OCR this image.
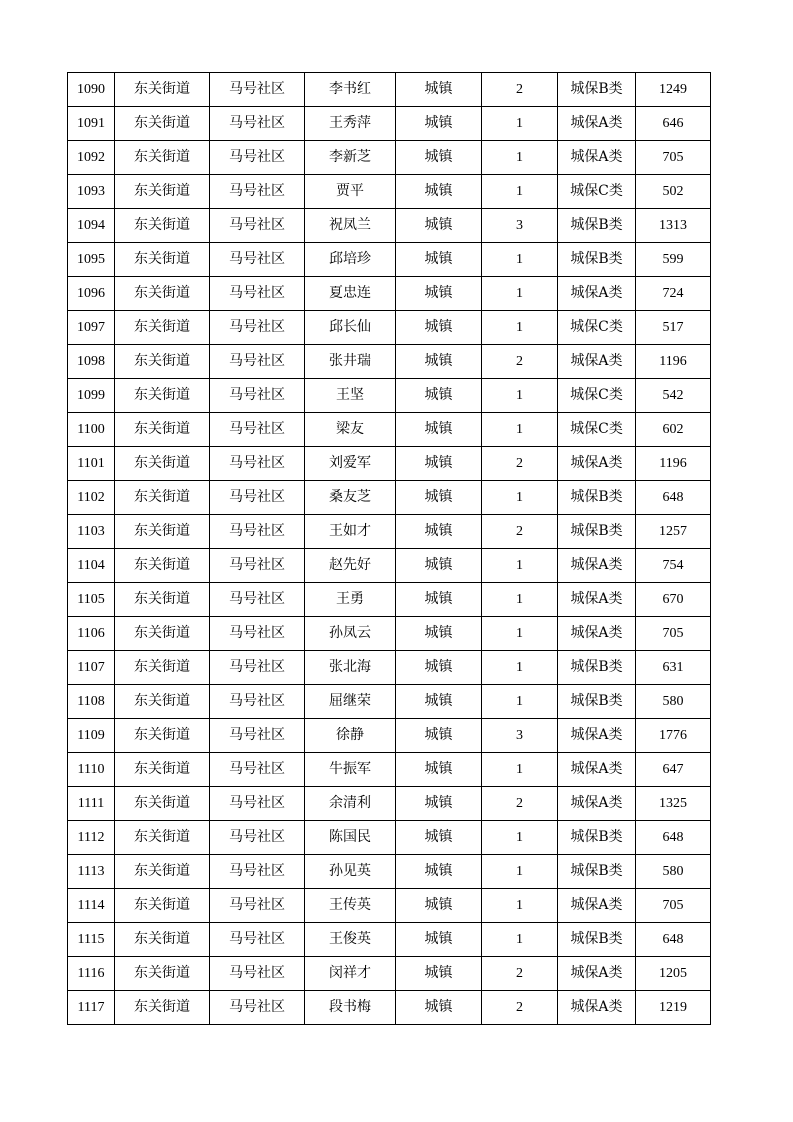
1090	东关街道	马号社区	李书红	城镇	2	城保B类	1249
1091	东关街道	马号社区	王秀萍	城镇	1	城保A类	646
1092	东关街道	马号社区	李新芝	城镇	1	城保A类	705
1093	东关街道	马号社区	贾平	城镇	1	城保C类	502
1094	东关街道	马号社区	祝凤兰	城镇	3	城保B类	1313
1095	东关街道	马号社区	邱培珍	城镇	1	城保B类	599
1096	东关街道	马号社区	夏忠连	城镇	1	城保A类	724
1097	东关街道	马号社区	邱长仙	城镇	1	城保C类	517
1098	东关街道	马号社区	张井瑞	城镇	2	城保A类	1196
1099	东关街道	马号社区	王坚	城镇	1	城保C类	542
1100	东关街道	马号社区	梁友	城镇	1	城保C类	602
1101	东关街道	马号社区	刘爱军	城镇	2	城保A类	1196
1102	东关街道	马号社区	桑友芝	城镇	1	城保B类	648
1103	东关街道	马号社区	王如才	城镇	2	城保B类	1257
1104	东关街道	马号社区	赵先好	城镇	1	城保A类	754
1105	东关街道	马号社区	王勇	城镇	1	城保A类	670
1106	东关街道	马号社区	孙凤云	城镇	1	城保A类	705
1107	东关街道	马号社区	张北海	城镇	1	城保B类	631
1108	东关街道	马号社区	屈继荣	城镇	1	城保B类	580
1109	东关街道	马号社区	徐静	城镇	3	城保A类	1776
1110	东关街道	马号社区	牛振军	城镇	1	城保A类	647
1111	东关街道	马号社区	余清利	城镇	2	城保A类	1325
1112	东关街道	马号社区	陈国民	城镇	1	城保B类	648
1113	东关街道	马号社区	孙见英	城镇	1	城保B类	580
1114	东关街道	马号社区	王传英	城镇	1	城保A类	705
1115	东关街道	马号社区	王俊英	城镇	1	城保B类	648
1116	东关街道	马号社区	闵祥才	城镇	2	城保A类	1205
1117	东关街道	马号社区	段书梅	城镇	2	城保A类	1219
